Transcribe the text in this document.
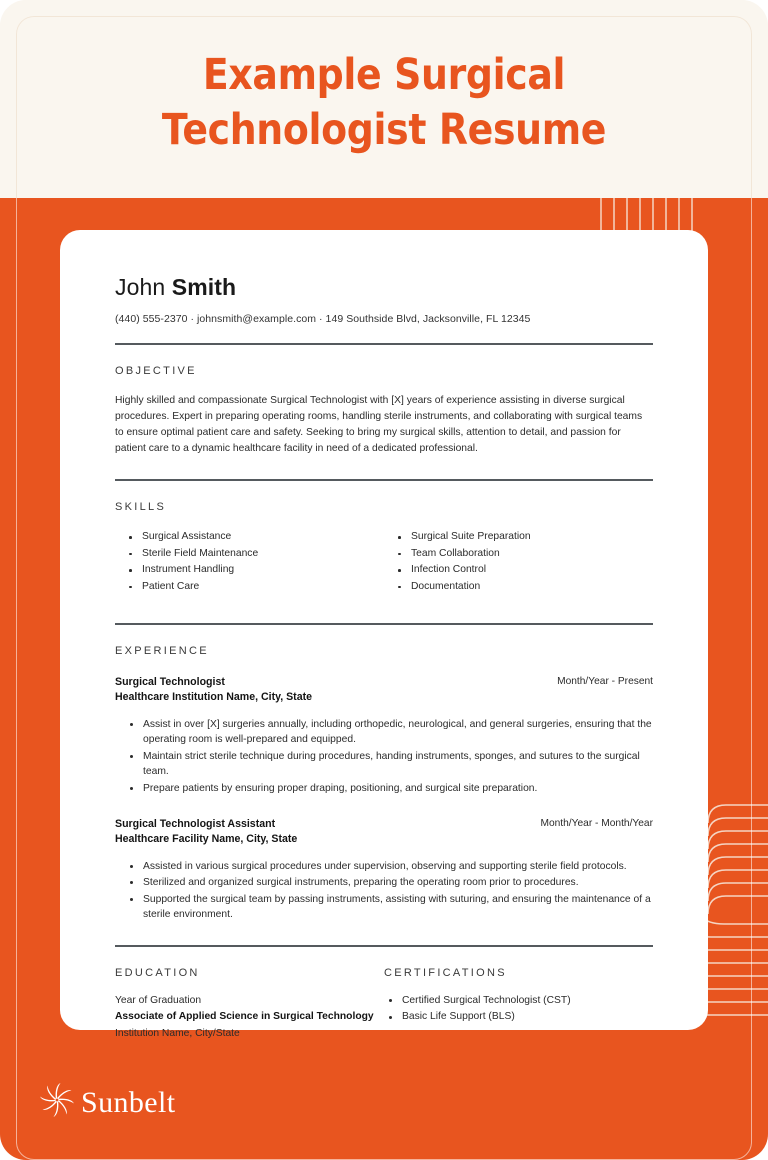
Example Surgical
Technologist Resume
John Smith
(440) 555-2370 · johnsmith@example.com · 149 Southside Blvd, Jacksonville, FL 12345
OBJECTIVE
Highly skilled and compassionate Surgical Technologist with [X] years of experience assisting in diverse surgical procedures. Expert in preparing operating rooms, handling sterile instruments, and collaborating with surgical teams to ensure optimal patient care and safety. Seeking to bring my surgical skills, attention to detail, and passion for patient care to a dynamic healthcare facility in need of a dedicated professional.
SKILLS
Surgical Assistance
Sterile Field Maintenance
Instrument Handling
Patient Care
Surgical Suite Preparation
Team Collaboration
Infection Control
Documentation
EXPERIENCE
Surgical Technologist
Healthcare Institution Name, City, State
Month/Year - Present
Assist in over [X] surgeries annually, including orthopedic, neurological, and general surgeries, ensuring that the operating room is well-prepared and equipped.
Maintain strict sterile technique during procedures, handing instruments, sponges, and sutures to the surgical team.
Prepare patients by ensuring proper draping, positioning, and surgical site preparation.
Surgical Technologist Assistant
Healthcare Facility Name, City, State
Month/Year - Month/Year
Assisted in various surgical procedures under supervision, observing and supporting sterile field protocols.
Sterilized and organized surgical instruments, preparing the operating room prior to procedures.
Supported the surgical team by passing instruments, assisting with suturing, and ensuring the maintenance of a sterile environment.
EDUCATION
Year of Graduation
Associate of Applied Science in Surgical Technology
Institution Name, City/State
CERTIFICATIONS
Certified Surgical Technologist (CST)
Basic Life Support (BLS)
Sunbelt
